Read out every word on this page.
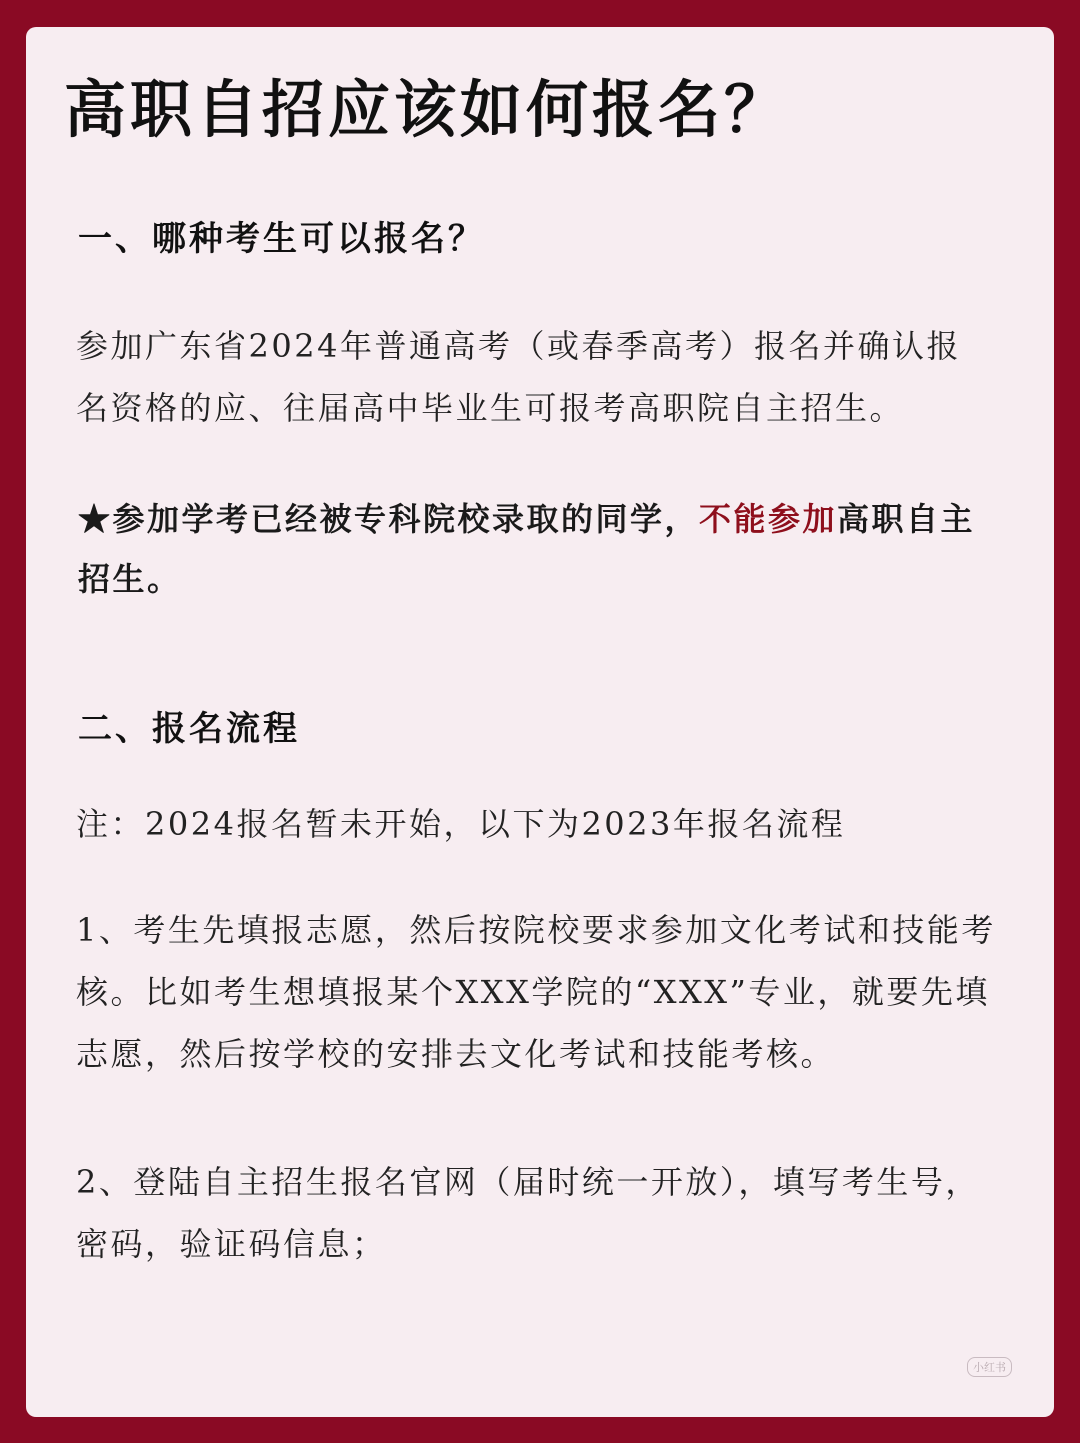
高职自招应该如何报名？
一、哪种考生可以报名？

参加广东省2024年普通高考（或春季高考）报名并确认报名资格的应、往届高中毕业生可报考高职院自主招生。

★参加学考已经被专科院校录取的同学，不能参加高职自主招生。

二、报名流程

注：2024报名暂未开始，以下为2023年报名流程

1、考生先填报志愿，然后按院校要求参加文化考试和技能考核。比如考生想填报某个XXX学院的“XXX”专业，就要先填志愿，然后按学校的安排去文化考试和技能考核。

2、登陆自主招生报名官网（届时统一开放），填写考生号，密码，验证码信息；

小红书
